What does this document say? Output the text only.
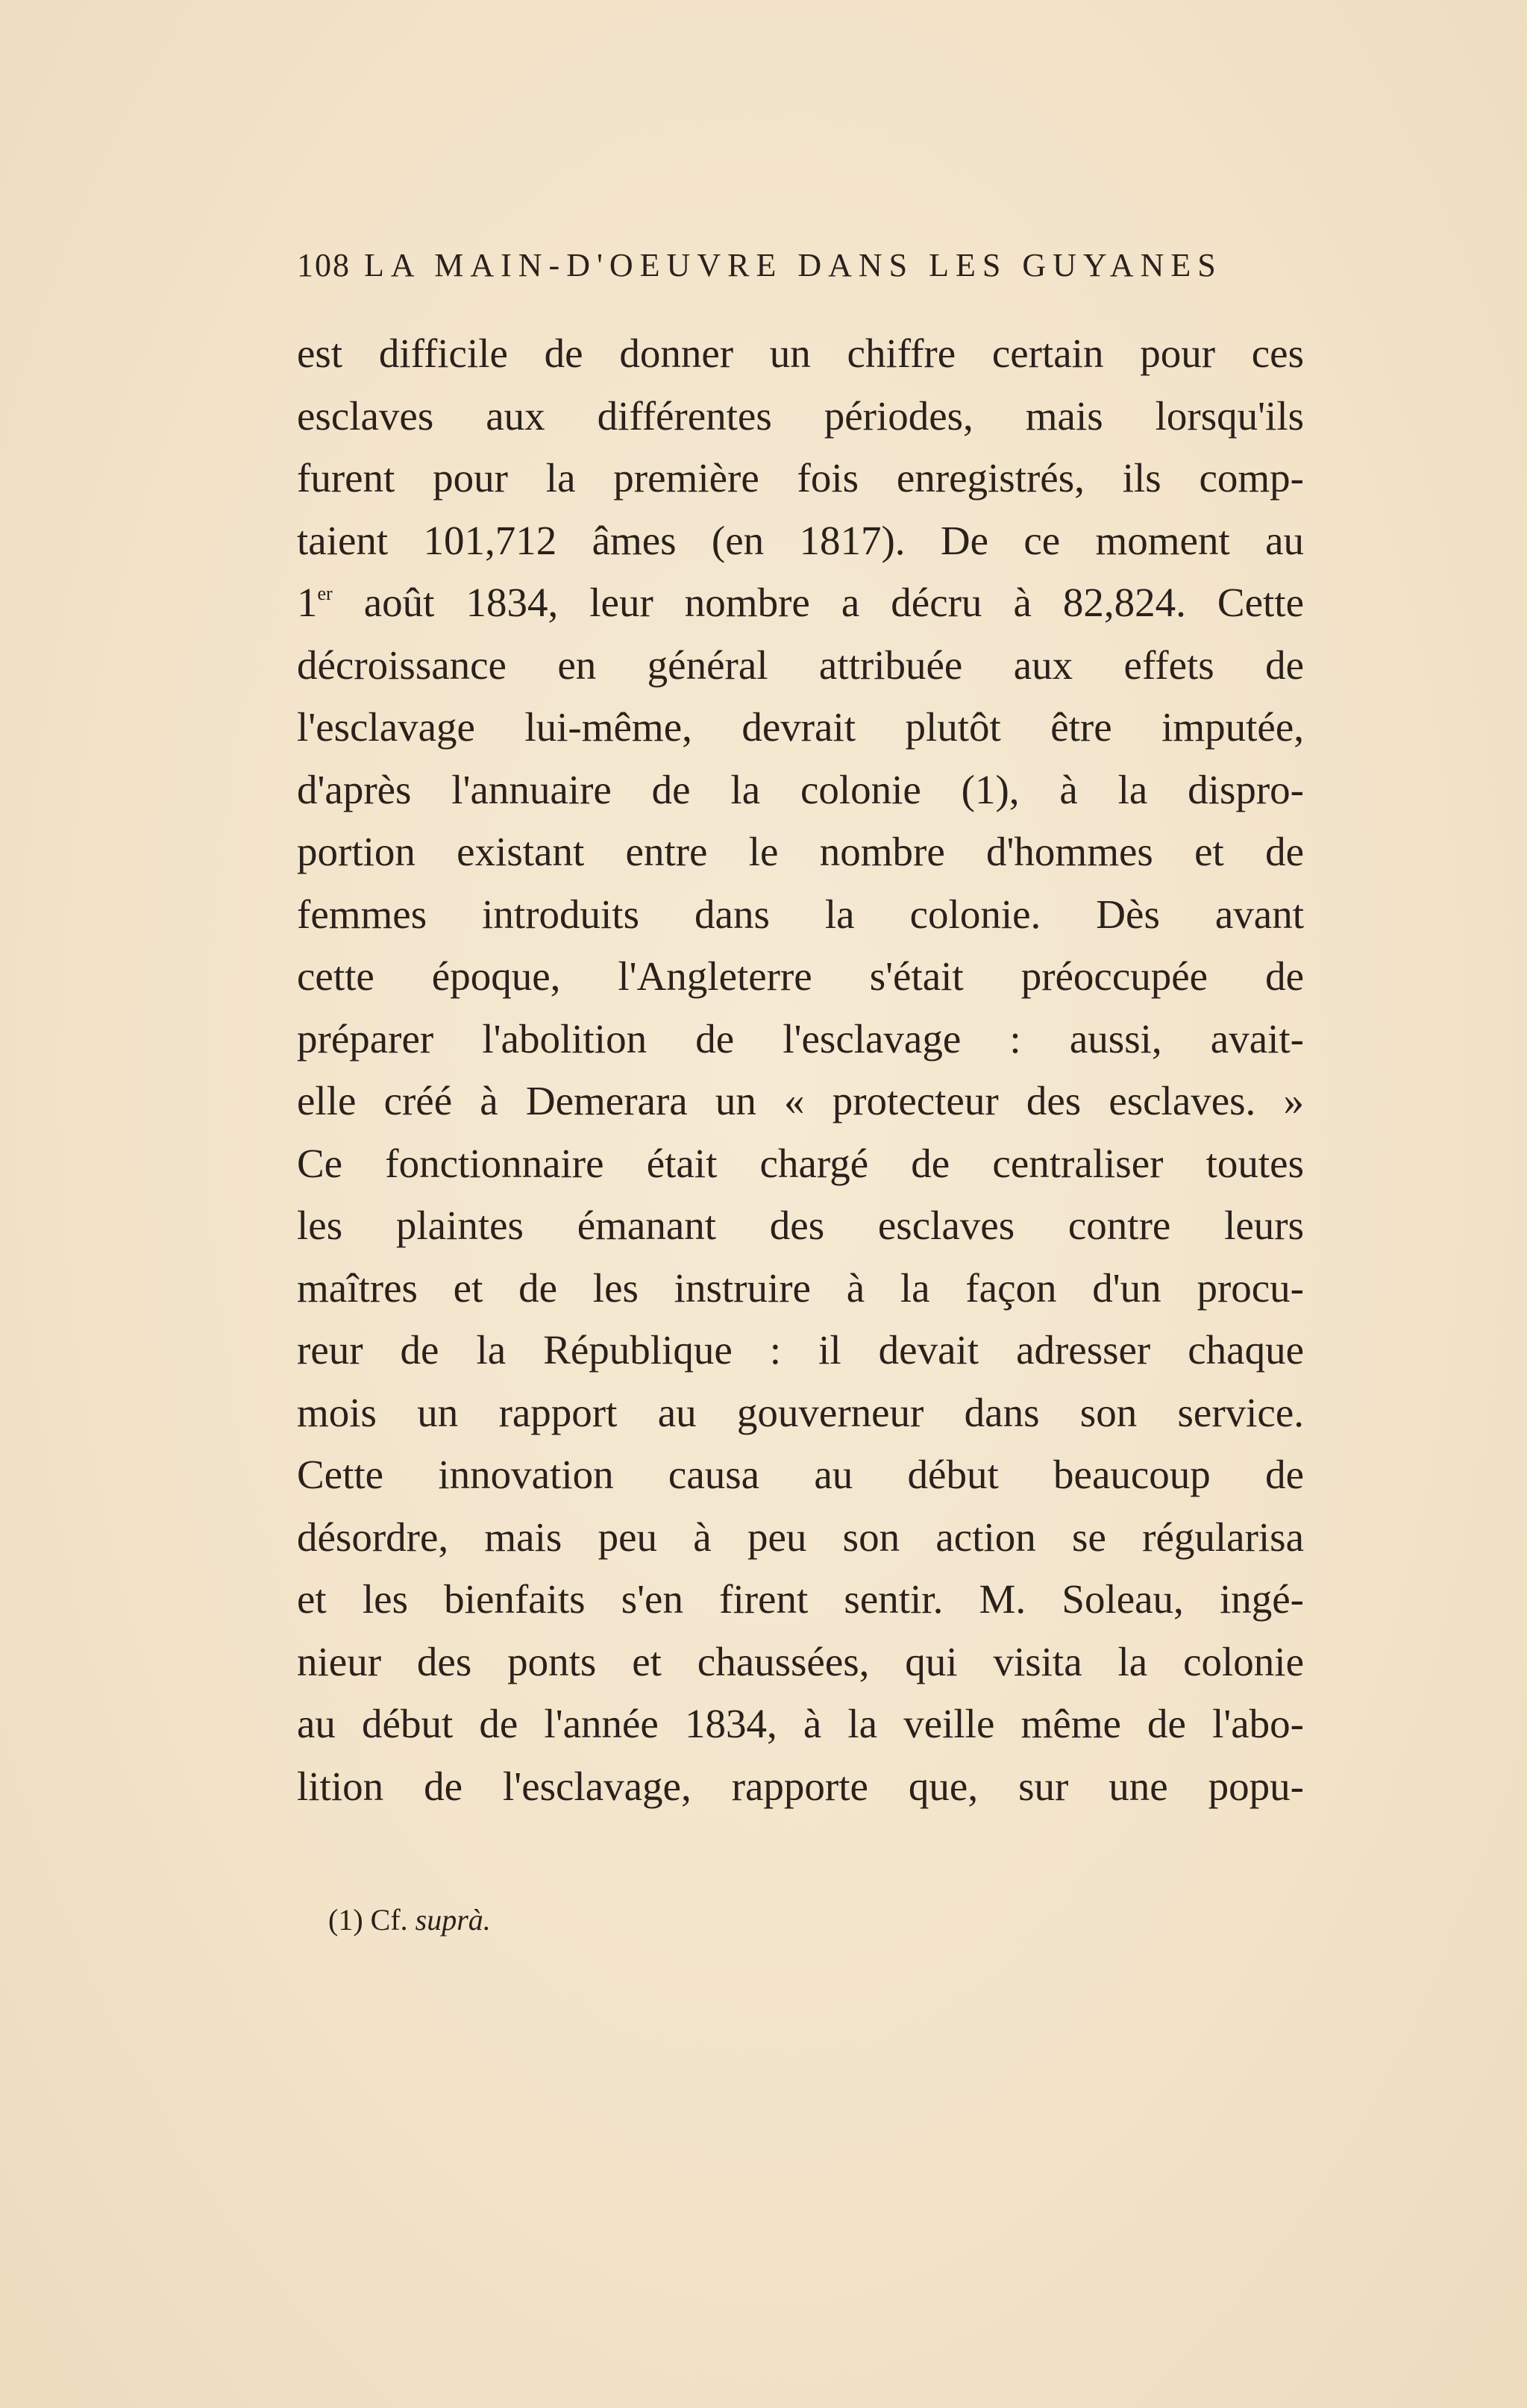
108 LA MAIN-D'OEUVRE DANS LES GUYANES
est difficile de donner un chiffre certain pour ces
esclaves aux différentes périodes, mais lorsqu'ils
furent pour la première fois enregistrés, ils comp-
taient 101,712 âmes (en 1817). De ce moment au
1er août 1834, leur nombre a décru à 82,824. Cette
décroissance en général attribuée aux effets de
l'esclavage lui-même, devrait plutôt être imputée,
d'après l'annuaire de la colonie (1), à la dispro-
portion existant entre le nombre d'hommes et de
femmes introduits dans la colonie. Dès avant
cette époque, l'Angleterre s'était préoccupée de
préparer l'abolition de l'esclavage : aussi, avait-
elle créé à Demerara un « protecteur des esclaves. »
Ce fonctionnaire était chargé de centraliser toutes
les plaintes émanant des esclaves contre leurs
maîtres et de les instruire à la façon d'un procu-
reur de la République : il devait adresser chaque
mois un rapport au gouverneur dans son service.
Cette innovation causa au début beaucoup de
désordre, mais peu à peu son action se régularisa
et les bienfaits s'en firent sentir. M. Soleau, ingé-
nieur des ponts et chaussées, qui visita la colonie
au début de l'année 1834, à la veille même de l'abo-
lition de l'esclavage, rapporte que, sur une popu-
(1) Cf. suprà.
